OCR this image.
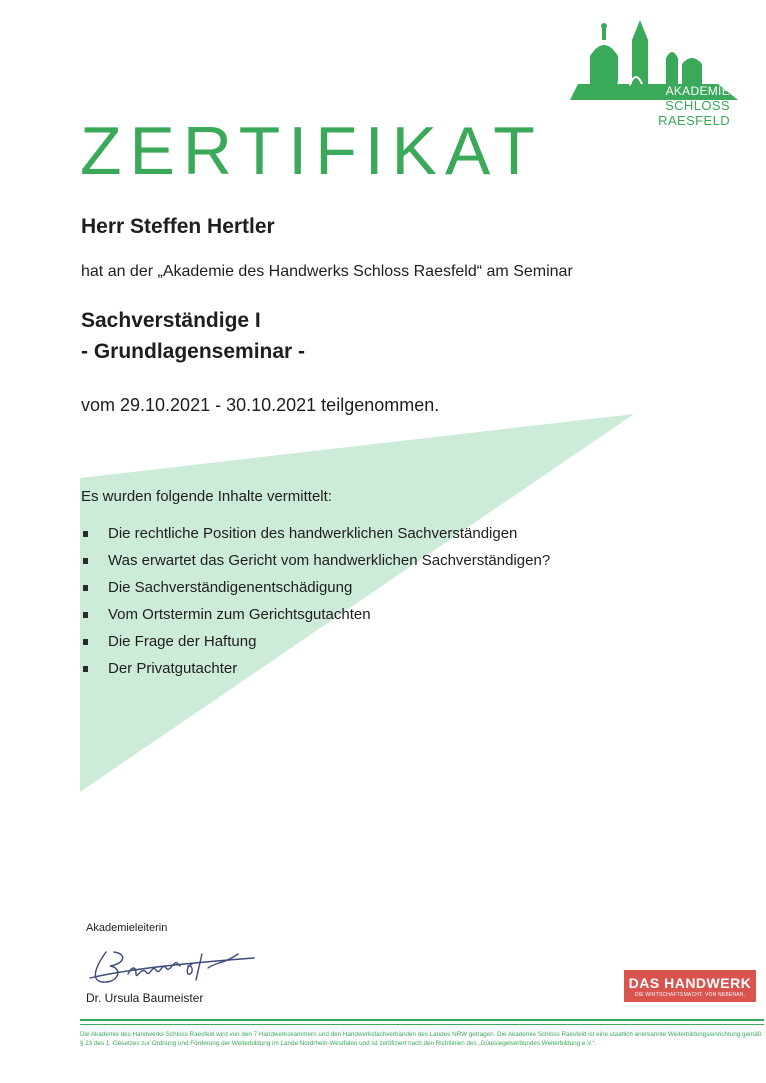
AKADEMIE
SCHLOSS RAESFELD
ZERTIFIKAT
Herr Steffen Hertler
hat an der „Akademie des Handwerks Schloss Raesfeld“ am Seminar
Sachverständige I
- Grundlagenseminar -
vom 29.10.2021 - 30.10.2021 teilgenommen.
Es wurden folgende Inhalte vermittelt:
Die rechtliche Position des handwerklichen Sachverständigen
Was erwartet das Gericht vom handwerklichen Sachverständigen?
Die Sachverständigenentschädigung
Vom Ortstermin zum Gerichtsgutachten
Die Frage der Haftung
Der Privatgutachter
Akademieleiterin
Dr. Ursula Baumeister
DAS HANDWERK
DIE WIRTSCHAFTSMACHT. VON NEBENAN.

Die Akademie des Handwerks Schloss Raesfeld wird von den 7 Handwerkskammern und den Handwerksfachverbänden des Landes NRW getragen. Die Akademie Schloss Raesfeld ist eine staatlich anerkannte Weiterbildungseinrichtung gemäß § 23 des 1. Gesetzes zur Ordnung und Förderung der Weiterbildung im Lande Nordrhein-Westfalen und ist zertifiziert nach den Richtlinien des „Gütesiegelverbundes Weiterbildung e.V.“.
